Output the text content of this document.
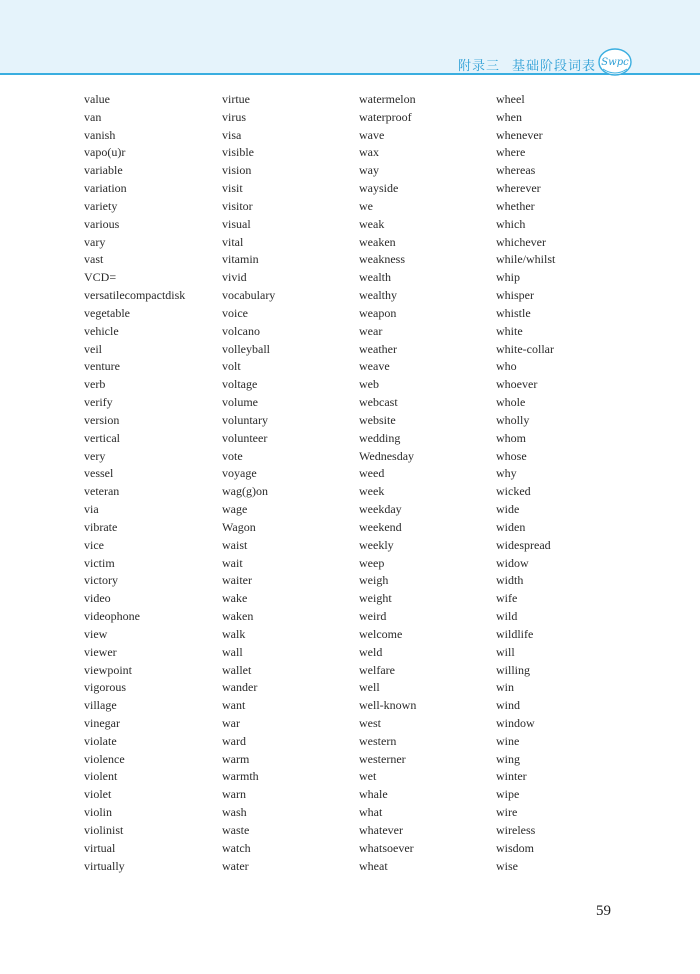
附录三 基础阶段词表 Swpc
value
van
vanish
vapo(u)r
variable
variation
variety
various
vary
vast
VCD=
versatilecompactdisk
vegetable
vehicle
veil
venture
verb
verify
version
vertical
very
vessel
veteran
via
vibrate
vice
victim
victory
video
videophone
view
viewer
viewpoint
vigorous
village
vinegar
violate
violence
violent
violet
violin
violinist
virtual
virtually
virtue
virus
visa
visible
vision
visit
visitor
visual
vital
vitamin
vivid
vocabulary
voice
volcano
volleyball
volt
voltage
volume
voluntary
volunteer
vote
voyage
wag(g)on
wage
Wagon
waist
wait
waiter
wake
waken
walk
wall
wallet
wander
want
war
ward
warm
warmth
warn
wash
waste
watch
water
watermelon
waterproof
wave
wax
way
wayside
we
weak
weaken
weakness
wealth
wealthy
weapon
wear
weather
weave
web
webcast
website
wedding
Wednesday
weed
week
weekday
weekend
weekly
weep
weigh
weight
weird
welcome
weld
welfare
well
well-known
west
western
westerner
wet
whale
what
whatever
whatsoever
wheat
wheel
when
whenever
where
whereas
wherever
whether
which
whichever
while/whilst
whip
whisper
whistle
white
white-collar
who
whoever
whole
wholly
whom
whose
why
wicked
wide
widen
widespread
widow
width
wife
wild
wildlife
will
willing
win
wind
window
wine
wing
winter
wipe
wire
wireless
wisdom
wise
59
